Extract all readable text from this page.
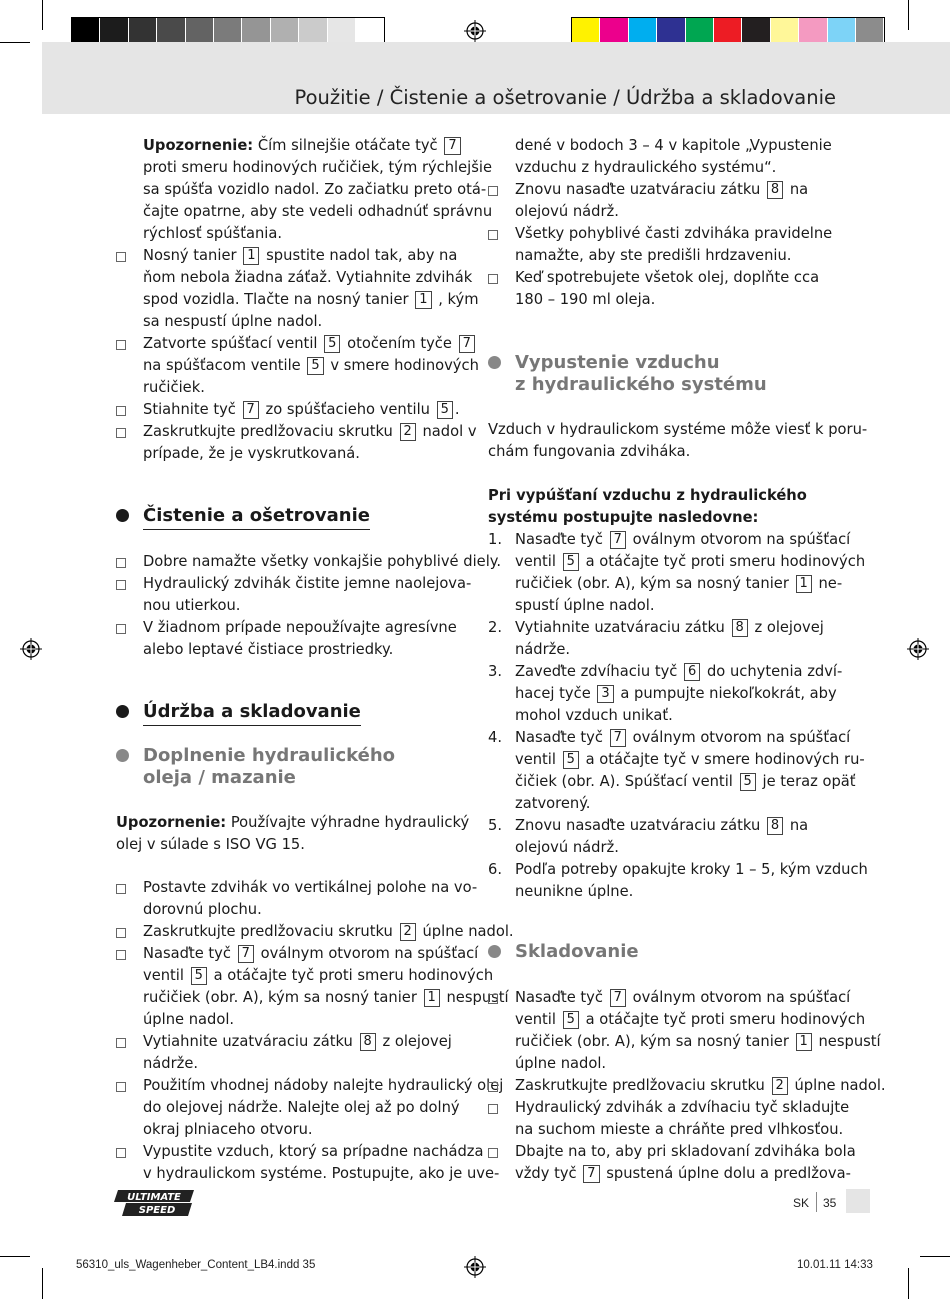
Použitie / Čistenie a ošetrovanie / Údržba a skladovanie
Upozornenie: Čím silnejšie otáčate tyč 7
proti smeru hodinových ručičiek, tým rýchlejšie
sa spúšťa vozidlo nadol. Zo začiatku preto otá-
čajte opatrne, aby ste vedeli odhadnúť správnu
rýchlosť spúšťania.
Nosný tanier 1 spustite nadol tak, aby na
ňom nebola žiadna záťaž. Vytiahnite zdvihák
spod vozidla. Tlačte na nosný tanier 1 , kým
sa nespustí úplne nadol.
Zatvorte spúšťací ventil 5 otočením tyče 7
na spúšťacom ventile 5 v smere hodinových
ručičiek.
Stiahnite tyč 7 zo spúšťacieho ventilu 5 .
Zaskrutkujte predlžovaciu skrutku 2 nadol v
prípade, že je vyskrutkovaná.
Čistenie a ošetrovanie
Dobre namažte všetky vonkajšie pohyblivé diely.
Hydraulický zdvihák čistite jemne naolejova-
nou utierkou.
V žiadnom prípade nepoužívajte agresívne
alebo leptavé čistiace prostriedky.
Údržba a skladovanie
Doplnenie hydraulického
oleja / mazanie
Upozornenie: Používajte výhradne hydraulický
olej v súlade s ISO VG 15.
Postavte zdvihák vo vertikálnej polohe na vo-
dorovnú plochu.
Zaskrutkujte predlžovaciu skrutku 2 úplne nadol.
Nasaďte tyč 7 oválnym otvorom na spúšťací
ventil 5 a otáčajte tyč proti smeru hodinových
ručičiek (obr. A), kým sa nosný tanier 1 nespustí
úplne nadol.
Vytiahnite uzatváraciu zátku 8 z olejovej
nádrže.
Použitím vhodnej nádoby nalejte hydraulický olej
do olejovej nádrže. Nalejte olej až po dolný
okraj plniaceho otvoru.
Vypustite vzduch, ktorý sa prípadne nachádza
v hydraulickom systéme. Postupujte, ako je uve-
dené v bodoch 3 – 4 v kapitole „Vypustenie
vzduchu z hydraulického systému“.
Znovu nasaďte uzatváraciu zátku 8 na
olejovú nádrž.
Všetky pohyblivé časti zdviháka pravidelne
namažte, aby ste predišli hrdzaveniu.
Keď spotrebujete všetok olej, doplňte cca
180 – 190 ml oleja.
Vypustenie vzduchu
z hydraulického systému
Vzduch v hydraulickom systéme môže viesť k poru-
chám fungovania zdviháka.
Pri vypúšťaní vzduchu z hydraulického
systému postupujte nasledovne:
Nasaďte tyč 7 oválnym otvorom na spúšťací
1.
ventil 5 a otáčajte tyč proti smeru hodinových
ručičiek (obr. A), kým sa nosný tanier 1 ne-
spustí úplne nadol.
Vytiahnite uzatváraciu zátku 8 z olejovej
2.
nádrže.
Zaveďte zdvíhaciu tyč 6 do uchytenia zdví-
3.
hacej tyče 3 a pumpujte niekoľkokrát, aby
mohol vzduch unikať.
Nasaďte tyč 7 oválnym otvorom na spúšťací
4.
ventil 5 a otáčajte tyč v smere hodinových ru-
čičiek (obr. A). Spúšťací ventil 5 je teraz opäť
zatvorený.
Znovu nasaďte uzatváraciu zátku 8 na
5.
olejovú nádrž.
Podľa potreby opakujte kroky 1 – 5, kým vzduch
6.
neunikne úplne.
Skladovanie
Nasaďte tyč 7 oválnym otvorom na spúšťací
ventil 5 a otáčajte tyč proti smeru hodinových
ručičiek (obr. A), kým sa nosný tanier 1 nespustí
úplne nadol.
Zaskrutkujte predlžovaciu skrutku 2 úplne nadol.
Hydraulický zdvihák a zdvíhaciu tyč skladujte
na suchom mieste a chráňte pred vlhkosťou.
Dbajte na to, aby pri skladovaní zdviháka bola
vždy tyč 7 spustená úplne dolu a predlžova-
ULTIMATE
SPEED
SK 35
56310_uls_Wagenheber_Content_LB4.indd 35	10.01.11 14:33
